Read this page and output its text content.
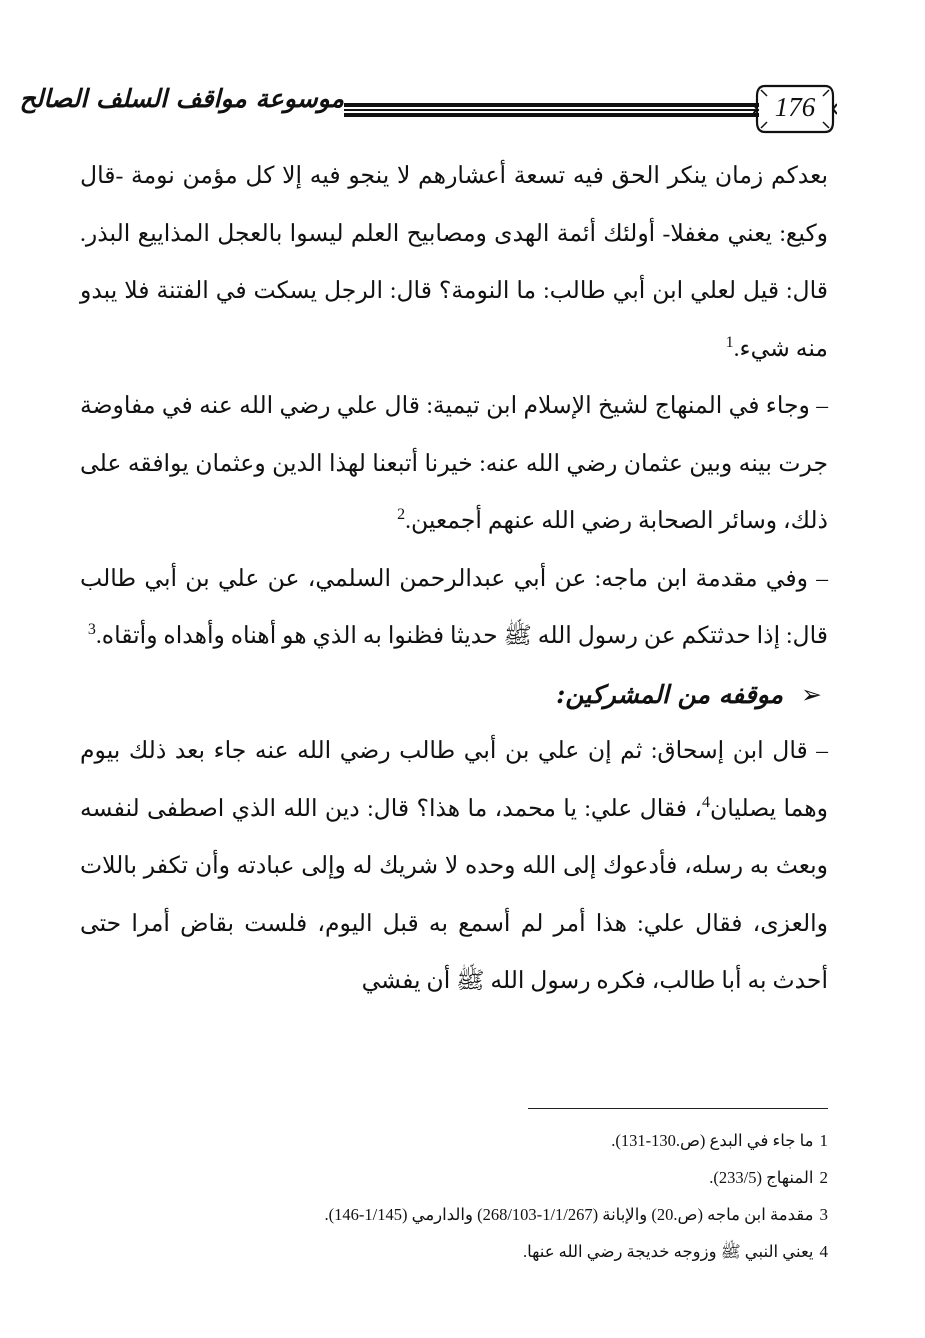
موسوعة مواقف السلف الصالح	176

بعدكم زمان ينكر الحق فيه تسعة أعشارهم لا ينجو فيه إلا كل مؤمن نومة -قال وكيع: يعني مغفلا- أولئك أئمة الهدى ومصابيح العلم ليسوا بالعجل المذاييع البذر. قال: قيل لعلي ابن أبي طالب: ما النومة؟ قال: الرجل يسكت في الفتنة فلا يبدو منه شيء.$^1$

– وجاء في المنهاج لشيخ الإسلام ابن تيمية: قال علي رضي الله عنه في مفاوضة جرت بينه وبين عثمان رضي الله عنه: خيرنا أتبعنا لهذا الدين وعثمان يوافقه على ذلك، وسائر الصحابة رضي الله عنهم أجمعين.$^2$

– وفي مقدمة ابن ماجه: عن أبي عبدالرحمن السلمي، عن علي بن أبي طالب قال: إذا حدثتكم عن رسول الله ﷺ حديثا فظنوا به الذي هو أهناه وأهداه وأتقاه.$^3$

➢موقفه من المشركين:

– قال ابن إسحاق: ثم إن علي بن أبي طالب رضي الله عنه جاء بعد ذلك بيوم وهما يصليان$^4$، فقال علي: يا محمد، ما هذا؟ قال: دين الله الذي اصطفى لنفسه وبعث به رسله، فأدعوك إلى الله وحده لا شريك له وإلى عبادته وأن تكفر باللات والعزى، فقال علي: هذا أمر لم أسمع به قبل اليوم، فلست بقاض أمرا حتى أحدث به أبا طالب، فكره رسول الله ﷺ أن يفشي

1ما جاء في البدع (ص.130-131).

2المنهاج (233/5).

3مقدمة ابن ماجه (ص.20) والإبانة (1/1/267-268/103) والدارمي (1/145-146).

4يعني النبي ﷺ وزوجه خديجة رضي الله عنها.
